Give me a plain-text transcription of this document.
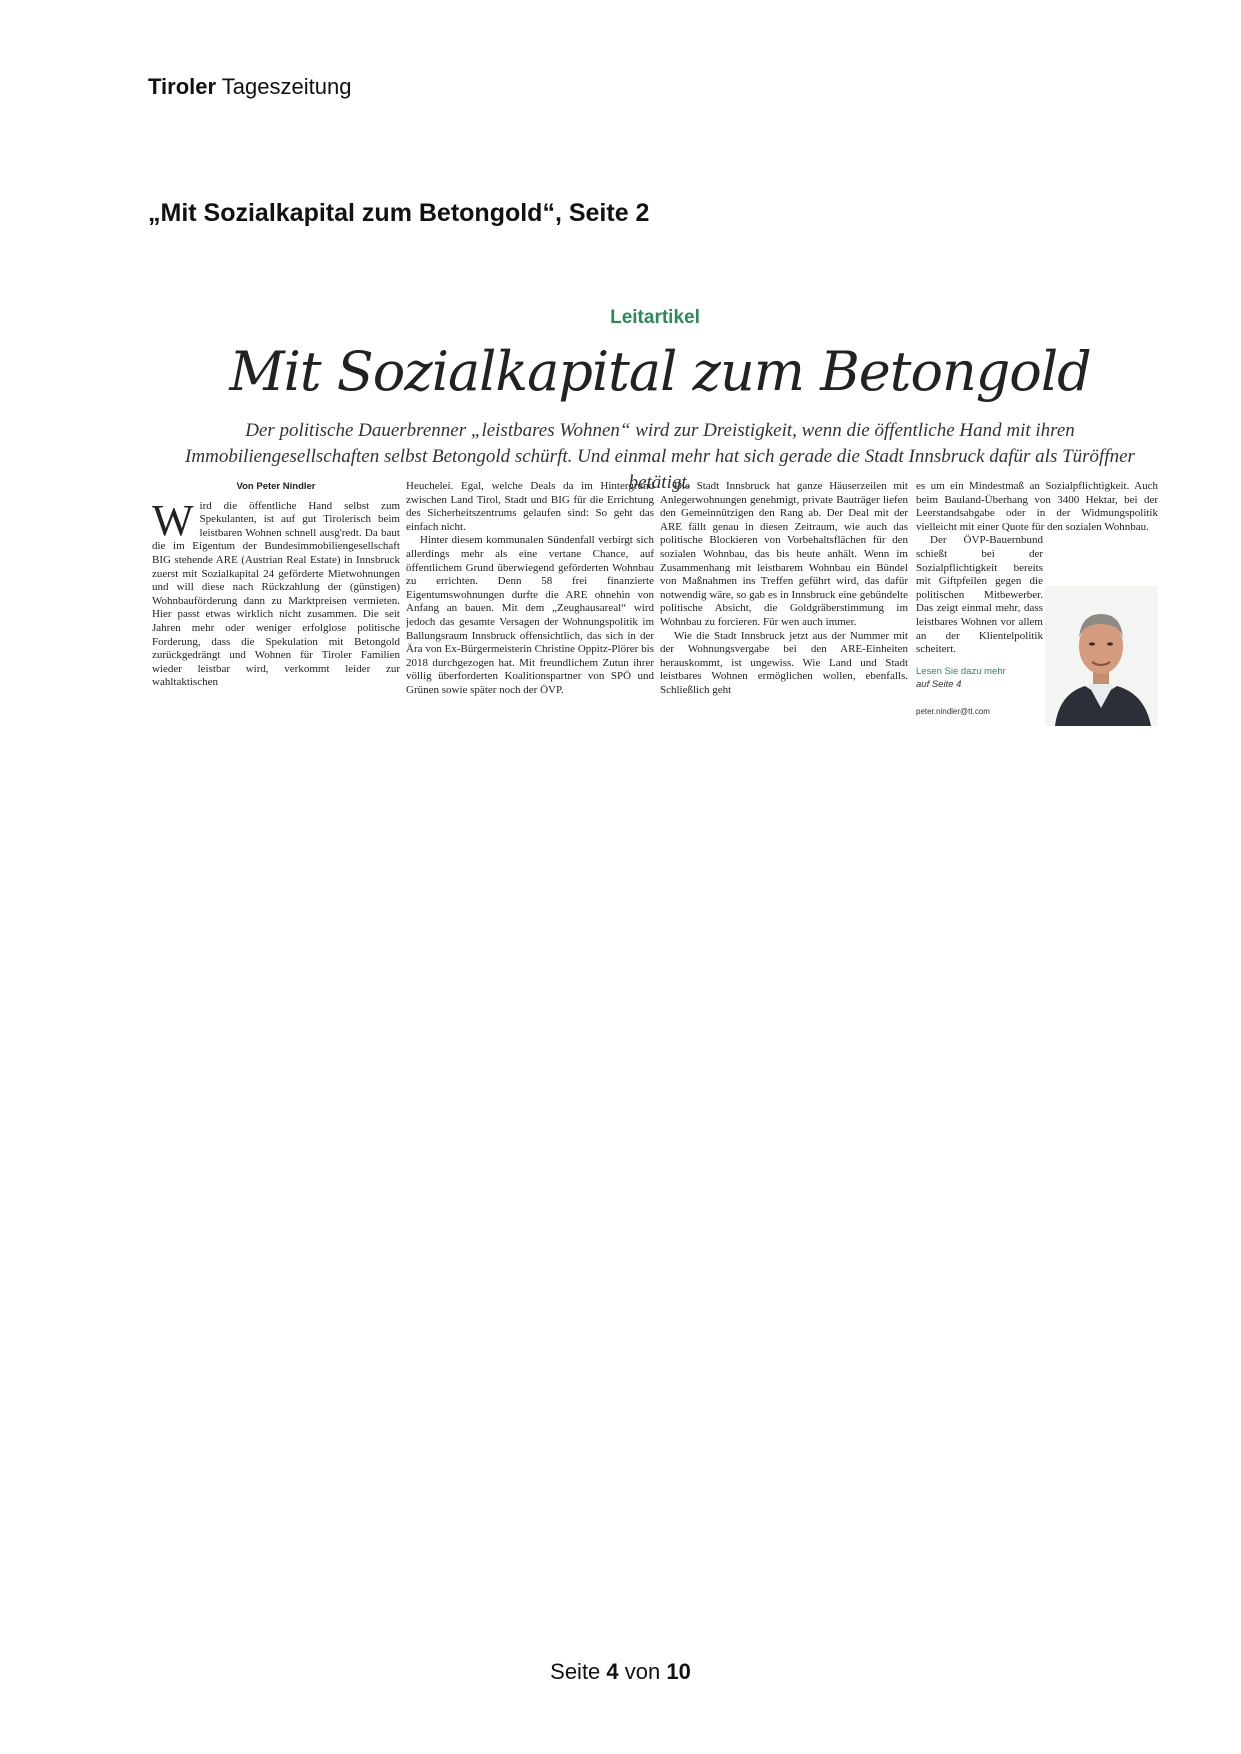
Tiroler Tageszeitung
„Mit Sozialkapital zum Betongold“, Seite 2
Leitartikel
Mit Sozialkapital zum Betongold
Der politische Dauerbrenner „leistbares Wohnen“ wird zur Dreistigkeit, wenn die öffentliche Hand mit ihren Immobiliengesellschaften selbst Betongold schürft. Und einmal mehr hat sich gerade die Stadt Innsbruck dafür als Türöffner betätigt.
Von Peter Nindler
W ird die öffentliche Hand selbst zum Spekulanten, ist auf gut Tirolerisch beim leistbaren Wohnen schnell ausg'redt. Da baut die im Eigentum der Bundesimmobiliengesellschaft BIG stehende ARE (Austrian Real Estate) in Innsbruck zuerst mit Sozialkapital 24 geförderte Mietwohnungen und will diese nach Rückzahlung der (günstigen) Wohnbauförderung dann zu Marktpreisen vermieten. Hier passt etwas wirklich nicht zusammen. Die seit Jahren mehr oder weniger erfolglose politische Forderung, dass die Spekulation mit Betongold zurückgedrängt und Wohnen für Tiroler Familien wieder leistbar wird, verkommt leider zur wahltaktischen

Heuchelei. Egal, welche Deals da im Hintergrund zwischen Land Tirol, Stadt und BIG für die Errichtung des Sicherheitszentrums gelaufen sind: So geht das einfach nicht.

Hinter diesem kommunalen Sündenfall verbirgt sich allerdings mehr als eine vertane Chance, auf öffentlichem Grund überwiegend geförderten Wohnbau zu errichten. Denn 58 frei finanzierte Eigentumswohnungen durfte die ARE ohnehin von Anfang an bauen. Mit dem „Zeughausareal“ wird jedoch das gesamte Versagen der Wohnungspolitik im Ballungsraum Innsbruck offensichtlich, das sich in der Ära von Ex-Bürgermeisterin Christine Oppitz-Plörer bis 2018 durchgezogen hat. Mit freundlichem Zutun ihrer völlig überforderten Koalitionspartner von SPÖ und Grünen sowie später noch der ÖVP.

Die Stadt Innsbruck hat ganze Häuserzeilen mit Anlegerwohnungen genehmigt, private Bauträger liefen den Gemeinnützigen den Rang ab. Der Deal mit der ARE fällt genau in diesen Zeitraum, wie auch das politische Blockieren von Vorbehaltsflächen für den sozialen Wohnbau, das bis heute anhält. Wenn im Zusammenhang mit leistbarem Wohnbau ein Bündel von Maßnahmen ins Treffen geführt wird, das dafür notwendig wäre, so gab es in Innsbruck eine gebündelte politische Absicht, die Goldgräberstimmung im Wohnbau zu forcieren. Für wen auch immer.

Wie die Stadt Innsbruck jetzt aus der Nummer mit der Wohnungsvergabe bei den ARE-Einheiten herauskommt, ist ungewiss. Wie Land und Stadt leistbares Wohnen ermöglichen wollen, ebenfalls. Schließlich geht

es um ein Mindestmaß an Sozialpflichtigkeit. Auch beim Bauland-Überhang von 3400 Hektar, bei der Leerstandsabgabe oder in der Widmungspolitik vielleicht mit einer Quote für den sozialen Wohnbau.

Der ÖVP-Bauernbund schießt bei der Sozialpflichtigkeit bereits mit Giftpfeilen gegen die politischen Mitbewerber. Das zeigt einmal mehr, dass leistbares Wohnen vor allem an der Klientelpolitik scheitert.

Lesen Sie dazu mehr
auf Seite 4
peter.nindler@tt.com
Seite 4 von 10
